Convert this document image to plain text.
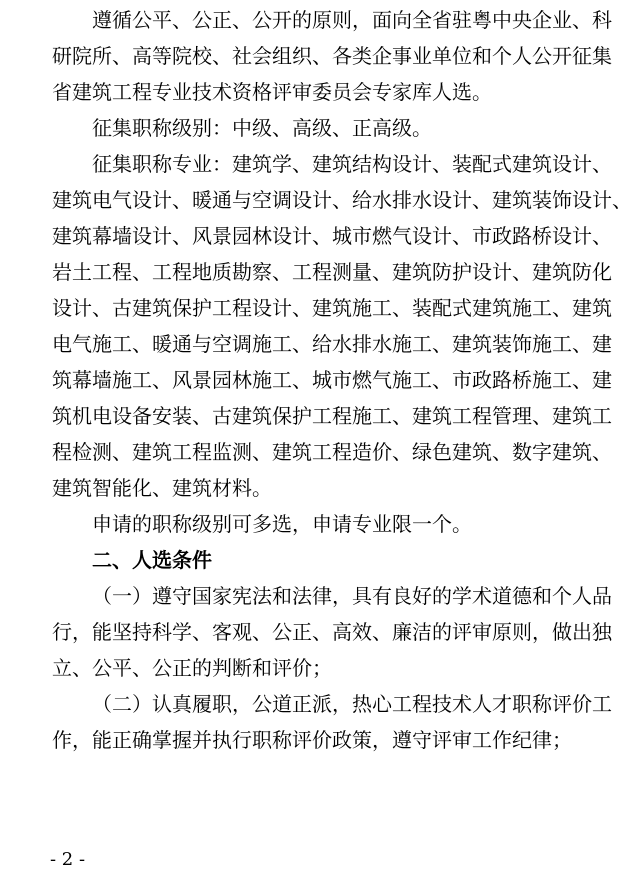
遵循公平、公正、公开的原则，面向全省驻粤中央企业、科
研院所、高等院校、社会组织、各类企事业单位和个人公开征集
省建筑工程专业技术资格评审委员会专家库人选。
征集职称级别：中级、高级、正高级。
征集职称专业：建筑学、建筑结构设计、装配式建筑设计、
建筑电气设计、暖通与空调设计、给水排水设计、建筑装饰设计、
建筑幕墙设计、风景园林设计、城市燃气设计、市政路桥设计、
岩土工程、工程地质勘察、工程测量、建筑防护设计、建筑防化
设计、古建筑保护工程设计、建筑施工、装配式建筑施工、建筑
电气施工、暖通与空调施工、给水排水施工、建筑装饰施工、建
筑幕墙施工、风景园林施工、城市燃气施工、市政路桥施工、建
筑机电设备安装、古建筑保护工程施工、建筑工程管理、建筑工
程检测、建筑工程监测、建筑工程造价、绿色建筑、数字建筑、
建筑智能化、建筑材料。
申请的职称级别可多选，申请专业限一个。
二、人选条件
（一）遵守国家宪法和法律，具有良好的学术道德和个人品
行，能坚持科学、客观、公正、高效、廉洁的评审原则，做出独
立、公平、公正的判断和评价；
（二）认真履职，公道正派，热心工程技术人才职称评价工
作，能正确掌握并执行职称评价政策，遵守评审工作纪律；
- 2 -
